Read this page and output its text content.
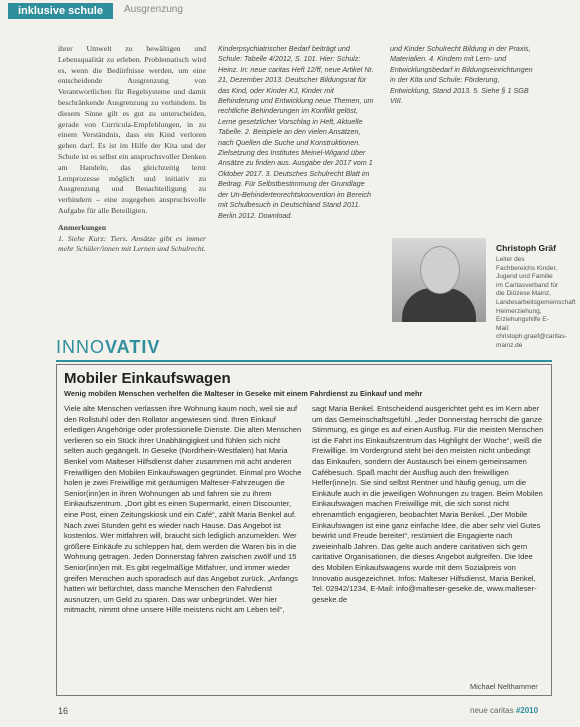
inklusive schule	Ausgrenzung

ihrer Umwelt zu bewältigen und Lebensqualität zu erleben. Problematisch wird es, wenn die Bedürfnisse werden, um eine entscheidende Ausgrenzung von Verantwortlichen für Regelsysteme und damit beschränkende Ausgrenzung zu verhindern. In diesem Sinne gilt es gut zu unterscheiden, gerade von Curricula-Empfehlungen, in zu einem Verständnis, dass ein Kind verloren gehen darf. Es ist im Hilfe der Kita und der Schule ist es selbst ein anspruchsvoller Denken am Handeln, das gleichzeitig lernt Lernprozesse möglich und initiativ zu Ausgrenzung und Benachteiligung zu verhindern – eine zugegeben anspruchsvolle Aufgabe für alle Beteiligten.

Anmerkungen

1. Siehe Kurz: Tiers. Ansätze gibt es immer mehr Schüler/innen mit Lernen und Schulrecht.

Kinderpsychiatrischer Bedarf beiträgt und Schule: Tabelle 4/2012, S. 101. Hier: Schulz: Heinz. In: neue caritas Heft 12/ff, neue Artikel Nr. 21, Dezember 2013. Deutscher Bildungsrat für das Kind, oder Kinder KJ, Kinder mit Behinderung und Entwicklung neue Themen, um rechtliche Behinderungen im Konflikt gelöst, Lerne gesetzlicher Vorschlag in Heft, Aktuelle Tabelle. 2. Beispiele an den vielen Ansätzen, nach Quellen die Suche und Konstruktionen. Zielsetzung des Institutes Meinel-Wigand über Ansätze zu finden aus. Ausgabe der 2017 vom 1 Oktober 2017. 3. Deutsches Schulrecht Blatt im Beitrag. Für Selbstbestimmung der Grundlage der Un-Behindertenrechtskonvention im Bereich mit Schulbesuch in Deutschland Stand 2011. Berlin 2012. Download.

und Kinder Schulrecht Bildung in der Praxis, Materialien. 4. Kindern mit Lern- und Entwicklungsbedarf in Bildungseinrichtungen in der Kita und Schule: Förderung, Entwicklung, Stand 2013. 5. Siehe § 1 SGB VIII.

Christoph Gräf
Leiter des Fachbereichs Kinder, Jugend und Familie im Caritasverband für die Diözese Mainz, Landesarbeitsgemeinschaft Heimerziehung, Erziehungshilfe E-Mail: christoph.graef@caritas-mainz.de
INNOVATIV
Mobiler Einkaufswagen
Wenig mobilen Menschen verhelfen die Malteser in Geseke mit einem Fahrdienst zu Einkauf und mehr

Viele alte Menschen verlassen ihre Wohnung kaum noch, weil sie auf den Rollstuhl oder den Rollator angewiesen sind. Ihren Einkauf erledigen Angehörige oder professionelle Dienste. Die alten Menschen verlieren so ein Stück ihrer Unabhängigkeit und fühlen sich nicht selten auch gegängelt. In Geseke (Nordrhein-Westfalen) hat Maria Benkel vom Malteser Hilfsdienst daher zusammen mit acht anderen Freiwilligen den Mobilen Einkaufswagen gegründet. Einmal pro Woche holen je zwei Freiwillige mit geräumigen Malteser-Fahrzeugen die Senior(inn)en in ihren Wohnungen ab und fahren sie zu ihrem Einkaufszentrum. „Dort gibt es einen Supermarkt, einen Discounter, eine Post, einen Zeitungskiosk und ein Café“, zählt Maria Benkel auf. Nach zwei Stunden geht es wieder nach Hause. Das Angebot ist kostenlos. Wer mitfahren will, braucht sich lediglich anzumelden. Wer größere Einkäufe zu schleppen hat, dem werden die Waren bis in die Wohnung getragen. Jeden Donnerstag fahren zwischen zwölf und 15 Senior(inn)en mit. Es gibt regelmäßige Mitfahrer, und immer wieder greifen Menschen auch sporadisch auf das Angebot zurück. „Anfangs hatten wir befürchtet, dass manche Menschen den Fahrdienst ausnutzen, um Geld zu sparen. Das war unbegründet. Wer hier mitmacht, nimmt ohne unsere Hilfe meistens nicht am Leben teil“,

sagt Maria Benkel. Entscheidend ausgerichtet geht es im Kern aber um das Gemeinschaftsgefühl. „Jeder Donnerstag herrscht die ganze Stimmung, es ginge es auf einen Ausflug. Für die meisten Menschen ist die Fahrt ins Einkaufszentrum das Highlight der Woche“, weiß die Freiwillige. Im Vordergrund steht bei den meisten nicht unbedingt das Einkaufen, sondern der Austausch bei einem gemeinsamen Cafébesuch. Spaß macht der Ausflug auch den freiwilligen Helfer(inne)n. Sie sind selbst Rentner und häufig genug, um die Einkäufe auch in die jeweiligen Wohnungen zu tragen. Beim Mobilen Einkaufswagen machen Freiwillige mit, die sich sonst nicht ehrenamtlich engagieren, beobachtet Maria Benkel. „Der Mobile Einkaufswagen ist eine ganz einfache Idee, die aber sehr viel Gutes bewirkt und Freude bereitet“, resümiert die Engagierte nach zweieinhalb Jahren. Das gelte auch andere caritativen sich gern caritative Organisationen, die dieses Angebot aufgreifen. Die Idee des Mobilen Einkaufswagens wurde mit dem Sozialpreis von Innovatio ausgezeichnet. Infos: Malteser Hilfsdienst, Maria Benkel, Tel. 02942/1234, E-Mail: info@malteser-geseke.de, www.malteser-geseke.de

Michael Nelthammer
16	neue caritas #2010
